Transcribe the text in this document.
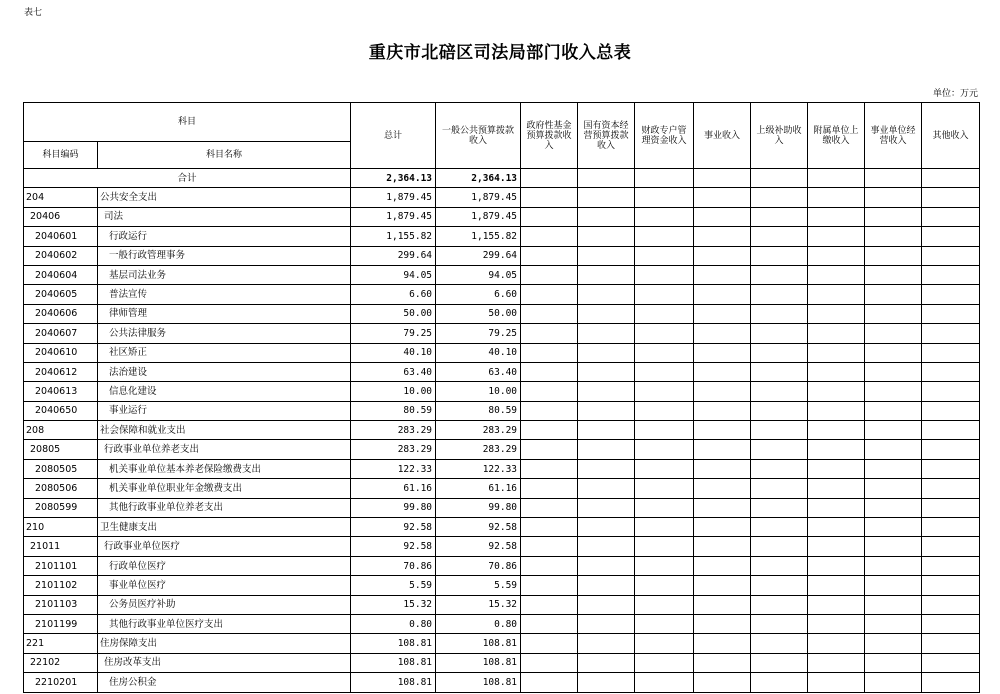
表七
重庆市北碚区司法局部门收入总表
单位：万元
科目		总计	一般公共预算拨款收入	政府性基金预算拨款收入	国有资本经营预算拨款收入	财政专户管理资金收入	事业收入	上级补助收入	附属单位上缴收入	事业单位经营收入	其他收入
科目编码	科目名称										
合计		2,364.13	2,364.13								
204	公共安全支出	1,879.45	1,879.45								
20406	司法	1,879.45	1,879.45								
2040601	行政运行	1,155.82	1,155.82								
2040602	一般行政管理事务	299.64	299.64								
2040604	基层司法业务	94.05	94.05								
2040605	普法宣传	6.60	6.60								
2040606	律师管理	50.00	50.00								
2040607	公共法律服务	79.25	79.25								
2040610	社区矫正	40.10	40.10								
2040612	法治建设	63.40	63.40								
2040613	信息化建设	10.00	10.00								
2040650	事业运行	80.59	80.59								
208	社会保障和就业支出	283.29	283.29								
20805	行政事业单位养老支出	283.29	283.29								
2080505	机关事业单位基本养老保险缴费支出	122.33	122.33								
2080506	机关事业单位职业年金缴费支出	61.16	61.16								
2080599	其他行政事业单位养老支出	99.80	99.80								
210	卫生健康支出	92.58	92.58								
21011	行政事业单位医疗	92.58	92.58								
2101101	行政单位医疗	70.86	70.86								
2101102	事业单位医疗	5.59	5.59								
2101103	公务员医疗补助	15.32	15.32								
2101199	其他行政事业单位医疗支出	0.80	0.80								
221	住房保障支出	108.81	108.81								
22102	住房改革支出	108.81	108.81								
2210201	住房公积金	108.81	108.81								
